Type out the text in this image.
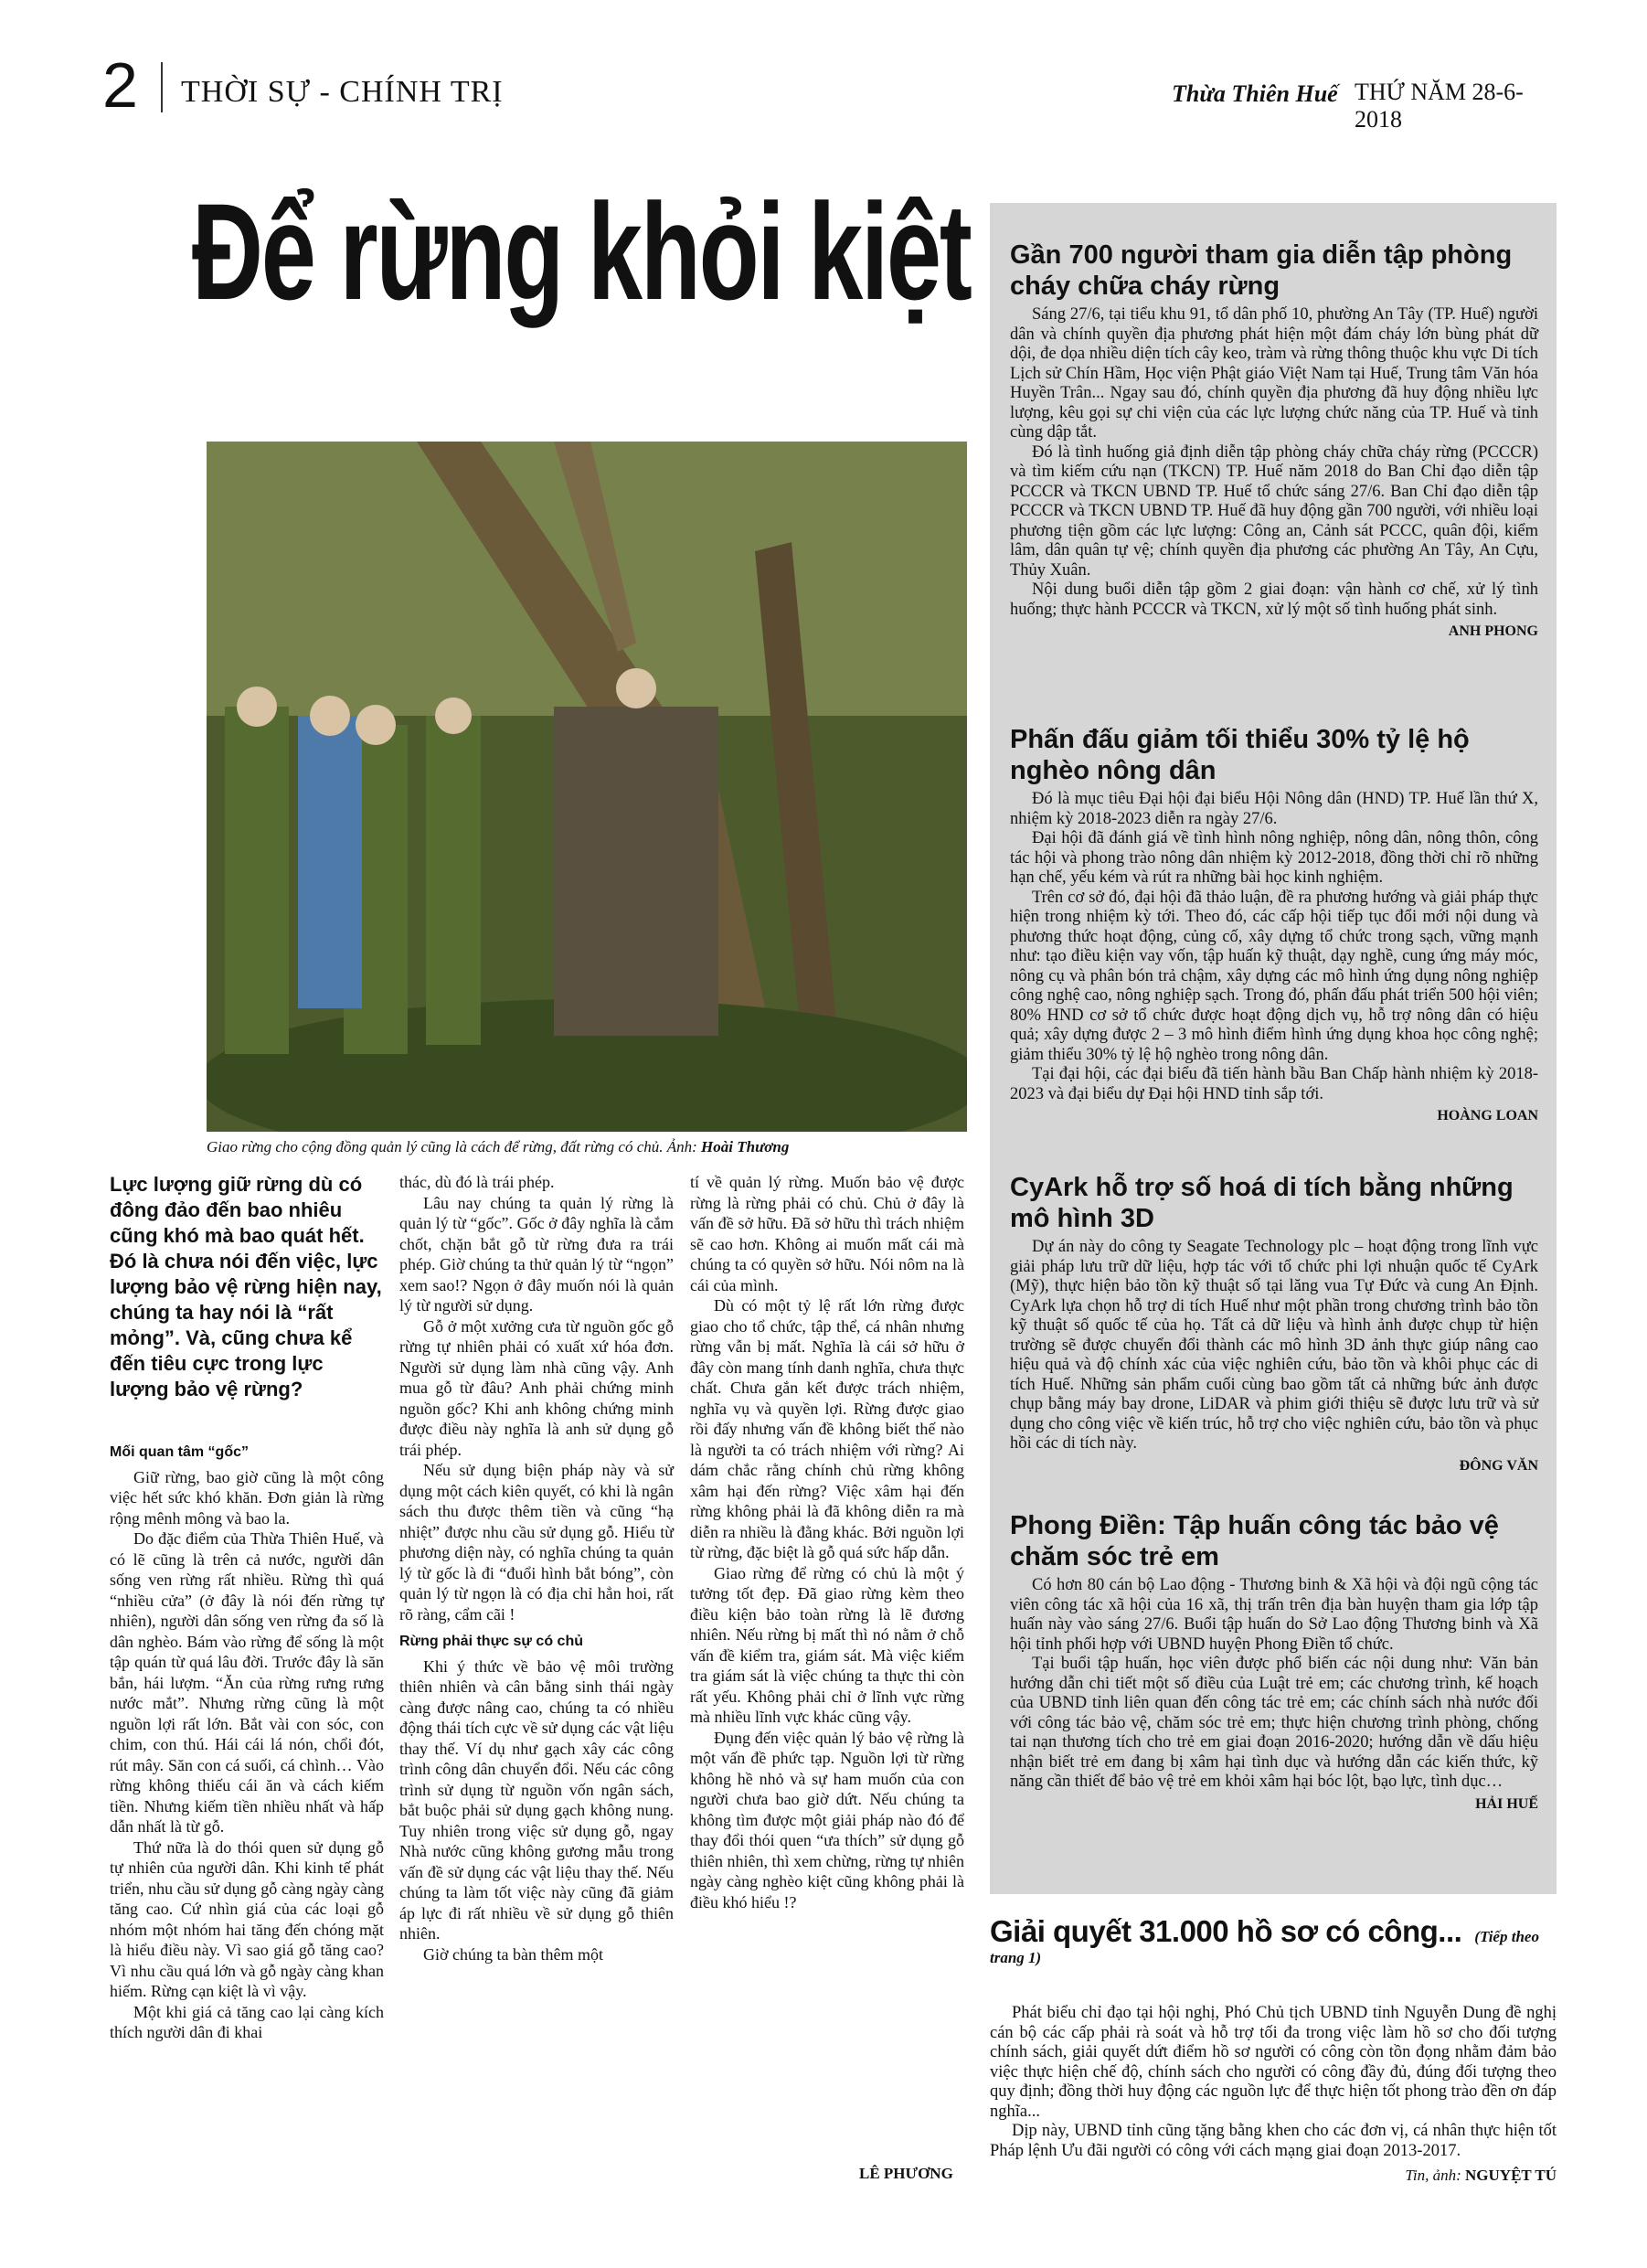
2 THỜI SỰ - CHÍNH TRỊ	Thừa Thiên Huế THỨ NĂM 28-6-2018
Để rừng khỏi kiệt
Giao rừng cho cộng đồng quản lý cũng là cách để rừng, đất rừng có chủ. Ảnh: Hoài Thương
Lực lượng giữ rừng dù có đông đảo đến bao nhiêu cũng khó mà bao quát hết. Đó là chưa nói đến việc, lực lượng bảo vệ rừng hiện nay, chúng ta hay nói là “rất mỏng”. Và, cũng chưa kể đến tiêu cực trong lực lượng bảo vệ rừng?

Mối quan tâm “gốc”

Giữ rừng, bao giờ cũng là một công việc hết sức khó khăn. Đơn giản là rừng rộng mênh mông và bao la.

Do đặc điểm của Thừa Thiên Huế, và có lẽ cũng là trên cả nước, người dân sống ven rừng rất nhiều. Rừng thì quá “nhiều cửa” (ở đây là nói đến rừng tự nhiên), người dân sống ven rừng đa số là dân nghèo. Bám vào rừng để sống là một tập quán từ quá lâu đời. Trước đây là săn bắn, hái lượm. “Ăn của rừng rưng rưng nước mắt”. Nhưng rừng cũng là một nguồn lợi rất lớn. Bắt vài con sóc, con chim, con thú. Hái cái lá nón, chổi đót, rút mây. Săn con cá suối, cá chình… Vào rừng không thiếu cái ăn và cách kiếm tiền. Nhưng kiếm tiền nhiều nhất và hấp dẫn nhất là từ gỗ.

Thứ nữa là do thói quen sử dụng gỗ tự nhiên của người dân. Khi kinh tế phát triển, nhu cầu sử dụng gỗ càng ngày càng tăng cao. Cứ nhìn giá của các loại gỗ nhóm một nhóm hai tăng đến chóng mặt là hiểu điều này. Vì sao giá gỗ tăng cao? Vì nhu cầu quá lớn và gỗ ngày càng khan hiếm. Rừng cạn kiệt là vì vậy.

Một khi giá cả tăng cao lại càng kích thích người dân đi khai

thác, dù đó là trái phép.

Lâu nay chúng ta quản lý rừng là quản lý từ “gốc”. Gốc ở đây nghĩa là cắm chốt, chặn bắt gỗ từ rừng đưa ra trái phép. Giờ chúng ta thử quản lý từ “ngọn” xem sao!? Ngọn ở đây muốn nói là quản lý từ người sử dụng.

Gỗ ở một xưởng cưa từ nguồn gốc gỗ rừng tự nhiên phải có xuất xứ hóa đơn. Người sử dụng làm nhà cũng vậy. Anh mua gỗ từ đâu? Anh phải chứng minh nguồn gốc? Khi anh không chứng minh được điều này nghĩa là anh sử dụng gỗ trái phép.

Nếu sử dụng biện pháp này và sử dụng một cách kiên quyết, có khi là ngân sách thu được thêm tiền và cũng “hạ nhiệt” được nhu cầu sử dụng gỗ. Hiểu từ phương diện này, có nghĩa chúng ta quản lý từ gốc là đi “đuổi hình bắt bóng”, còn quản lý từ ngọn là có địa chỉ hẳn hoi, rất rõ ràng, cẩm cãi !

Rừng phải thực sự có chủ

Khi ý thức về bảo vệ môi trường thiên nhiên và cân bằng sinh thái ngày càng được nâng cao, chúng ta có nhiều động thái tích cực về sử dụng các vật liệu thay thế. Ví dụ như gạch xây các công trình công dân chuyển đổi. Nếu các công trình sử dụng từ nguồn vốn ngân sách, bắt buộc phải sử dụng gạch không nung. Tuy nhiên trong việc sử dụng gỗ, ngay Nhà nước cũng không gương mẫu trong vấn đề sử dụng các vật liệu thay thế. Nếu chúng ta làm tốt việc này cũng đã giảm áp lực đi rất nhiều về sử dụng gỗ thiên nhiên.

Giờ chúng ta bàn thêm một

tí về quản lý rừng. Muốn bảo vệ được rừng là rừng phải có chủ. Chủ ở đây là vấn đề sở hữu. Đã sở hữu thì trách nhiệm sẽ cao hơn. Không ai muốn mất cái mà chúng ta có quyền sở hữu. Nói nôm na là cái của mình.

Dù có một tỷ lệ rất lớn rừng được giao cho tổ chức, tập thể, cá nhân nhưng rừng vẫn bị mất. Nghĩa là cái sở hữu ở đây còn mang tính danh nghĩa, chưa thực chất. Chưa gắn kết được trách nhiệm, nghĩa vụ và quyền lợi. Rừng được giao rồi đấy nhưng vấn đề không biết thế nào là người ta có trách nhiệm với rừng? Ai dám chắc rằng chính chủ rừng không xâm hại đến rừng? Việc xâm hại đến rừng không phải là đã không diễn ra mà diễn ra nhiều là đằng khác. Bởi nguồn lợi từ rừng, đặc biệt là gỗ quá sức hấp dẫn.

Giao rừng để rừng có chủ là một ý tưởng tốt đẹp. Đã giao rừng kèm theo điều kiện bảo toàn rừng là lẽ đương nhiên. Nếu rừng bị mất thì nó nằm ở chỗ vấn đề kiểm tra, giám sát. Mà việc kiểm tra giám sát là việc chúng ta thực thi còn rất yếu. Không phải chỉ ở lĩnh vực rừng mà nhiều lĩnh vực khác cũng vậy.

Đụng đến việc quản lý bảo vệ rừng là một vấn đề phức tạp. Nguồn lợi từ rừng không hề nhỏ và sự ham muốn của con người chưa bao giờ dứt. Nếu chúng ta không tìm được một giải pháp nào đó để thay đổi thói quen “ưa thích” sử dụng gỗ thiên nhiên, thì xem chừng, rừng tự nhiên ngày càng nghèo kiệt cũng không phải là điều khó hiểu !?

LÊ PHƯƠNG
Gần 700 người tham gia diễn tập phòng cháy chữa cháy rừng

Sáng 27/6, tại tiểu khu 91, tổ dân phố 10, phường An Tây (TP. Huế) người dân và chính quyền địa phương phát hiện một đám cháy lớn bùng phát dữ dội, đe dọa nhiều diện tích cây keo, tràm và rừng thông thuộc khu vực Di tích Lịch sử Chín Hầm, Học viện Phật giáo Việt Nam tại Huế, Trung tâm Văn hóa Huyền Trân... Ngay sau đó, chính quyền địa phương đã huy động nhiều lực lượng, kêu gọi sự chi viện của các lực lượng chức năng của TP. Huế và tỉnh cùng dập tắt.

Đó là tình huống giả định diễn tập phòng cháy chữa cháy rừng (PCCCR) và tìm kiếm cứu nạn (TKCN) TP. Huế năm 2018 do Ban Chỉ đạo diễn tập PCCCR và TKCN UBND TP. Huế tổ chức sáng 27/6. Ban Chỉ đạo diễn tập PCCCR và TKCN UBND TP. Huế đã huy động gần 700 người, với nhiều loại phương tiện gồm các lực lượng: Công an, Cảnh sát PCCC, quân đội, kiểm lâm, dân quân tự vệ; chính quyền địa phương các phường An Tây, An Cựu, Thủy Xuân.

Nội dung buổi diễn tập gồm 2 giai đoạn: vận hành cơ chế, xử lý tình huống; thực hành PCCCR và TKCN, xử lý một số tình huống phát sinh.

ANH PHONG

Phấn đấu giảm tối thiểu 30% tỷ lệ hộ nghèo nông dân

Đó là mục tiêu Đại hội đại biểu Hội Nông dân (HND) TP. Huế lần thứ X, nhiệm kỳ 2018-2023 diễn ra ngày 27/6.

Đại hội đã đánh giá về tình hình nông nghiệp, nông dân, nông thôn, công tác hội và phong trào nông dân nhiệm kỳ 2012-2018, đồng thời chỉ rõ những hạn chế, yếu kém và rút ra những bài học kinh nghiệm.

Trên cơ sở đó, đại hội đã thảo luận, đề ra phương hướng và giải pháp thực hiện trong nhiệm kỳ tới. Theo đó, các cấp hội tiếp tục đổi mới nội dung và phương thức hoạt động, củng cố, xây dựng tổ chức trong sạch, vững mạnh như: tạo điều kiện vay vốn, tập huấn kỹ thuật, dạy nghề, cung ứng máy móc, nông cụ và phân bón trả chậm, xây dựng các mô hình ứng dụng nông nghiệp công nghệ cao, nông nghiệp sạch. Trong đó, phấn đấu phát triển 500 hội viên; 80% HND cơ sở tổ chức được hoạt động dịch vụ, hỗ trợ nông dân có hiệu quả; xây dựng được 2 – 3 mô hình điểm hình ứng dụng khoa học công nghệ; giảm thiểu 30% tỷ lệ hộ nghèo trong nông dân.

Tại đại hội, các đại biểu đã tiến hành bầu Ban Chấp hành nhiệm kỳ 2018-2023 và đại biểu dự Đại hội HND tỉnh sắp tới.

HOÀNG LOAN

CyArk hỗ trợ số hoá di tích bằng những mô hình 3D

Dự án này do công ty Seagate Technology plc – hoạt động trong lĩnh vực giải pháp lưu trữ dữ liệu, hợp tác với tổ chức phi lợi nhuận quốc tế CyArk (Mỹ), thực hiện bảo tồn kỹ thuật số tại lăng vua Tự Đức và cung An Định. CyArk lựa chọn hỗ trợ di tích Huế như một phần trong chương trình bảo tồn kỹ thuật số quốc tế của họ. Tất cả dữ liệu và hình ảnh được chụp từ hiện trường sẽ được chuyển đổi thành các mô hình 3D ảnh thực giúp nâng cao hiệu quả và độ chính xác của việc nghiên cứu, bảo tồn và khôi phục các di tích Huế. Những sản phẩm cuối cùng bao gồm tất cả những bức ảnh được chụp bằng máy bay drone, LiDAR và phim giới thiệu sẽ được lưu trữ và sử dụng cho công việc về kiến trúc, hỗ trợ cho việc nghiên cứu, bảo tồn và phục hồi các di tích này.

ĐÔNG VĂN

Phong Điền: Tập huấn công tác bảo vệ chăm sóc trẻ em

Có hơn 80 cán bộ Lao động - Thương binh & Xã hội và đội ngũ cộng tác viên công tác xã hội của 16 xã, thị trấn trên địa bàn huyện tham gia lớp tập huấn này vào sáng 27/6. Buổi tập huấn do Sở Lao động Thương binh và Xã hội tỉnh phối hợp với UBND huyện Phong Điền tổ chức.

Tại buổi tập huấn, học viên được phổ biến các nội dung như: Văn bản hướng dẫn chi tiết một số điều của Luật trẻ em; các chương trình, kế hoạch của UBND tỉnh liên quan đến công tác trẻ em; các chính sách nhà nước đối với công tác bảo vệ, chăm sóc trẻ em; thực hiện chương trình phòng, chống tai nạn thương tích cho trẻ em giai đoạn 2016-2020; hướng dẫn về dấu hiệu nhận biết trẻ em đang bị xâm hại tình dục và hướng dẫn các kiến thức, kỹ năng cần thiết để bảo vệ trẻ em khỏi xâm hại bóc lột, bạo lực, tình dục…

HẢI HUẾ

Giải quyết 31.000 hồ sơ có công... (Tiếp theo trang 1)

Phát biểu chỉ đạo tại hội nghị, Phó Chủ tịch UBND tỉnh Nguyễn Dung đề nghị cán bộ các cấp phải rà soát và hỗ trợ tối đa trong việc làm hồ sơ cho đối tượng chính sách, giải quyết dứt điểm hồ sơ người có công còn tồn đọng nhằm đảm bảo việc thực hiện chế độ, chính sách cho người có công đầy đủ, đúng đối tượng theo quy định; đồng thời huy động các nguồn lực để thực hiện tốt phong trào đền ơn đáp nghĩa...

Dịp này, UBND tỉnh cũng tặng bằng khen cho các đơn vị, cá nhân thực hiện tốt Pháp lệnh Ưu đãi người có công với cách mạng giai đoạn 2013-2017.

Tin, ảnh: NGUYỆT TÚ
